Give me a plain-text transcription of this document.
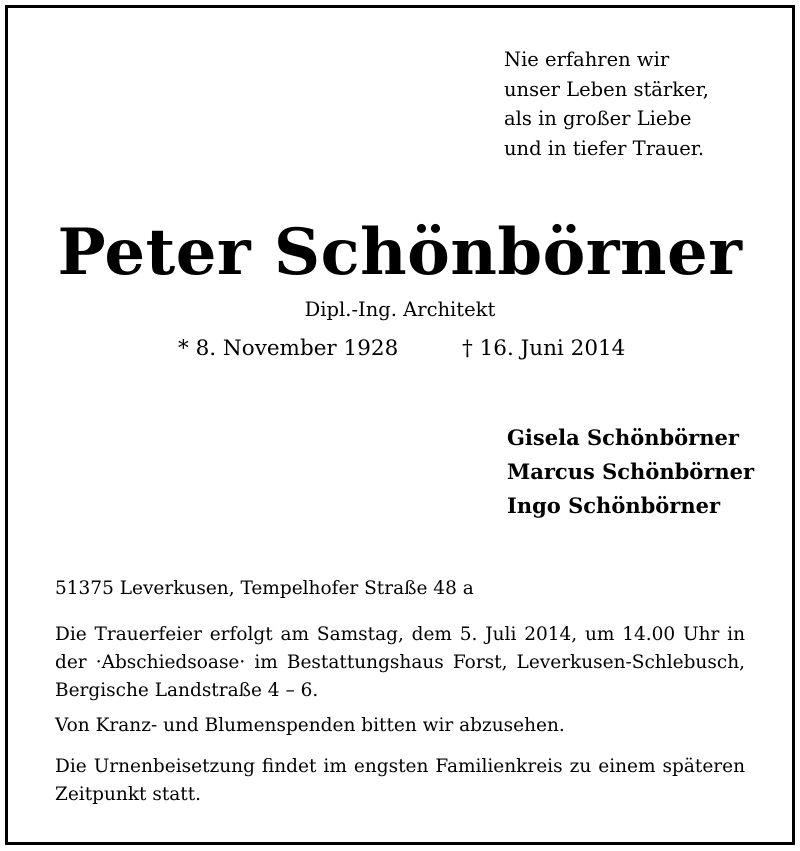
Nie erfahren wir
unser Leben stärker,
als in großer Liebe
und in tiefer Trauer.
Peter Schönbörner
Dipl.-Ing. Architekt
* 8. November 1928	† 16. Juni 2014
Gisela Schönbörner
Marcus Schönbörner
Ingo Schönbörner
51375 Leverkusen, Tempelhofer Straße 48 a
Die Trauerfeier erfolgt am Samstag, dem 5. Juli 2014, um 14.00 Uhr in der ·Abschiedsoase· im Bestattungshaus Forst, Leverkusen-Schlebusch, Bergische Landstraße 4 – 6.
Von Kranz- und Blumenspenden bitten wir abzusehen.
Die Urnenbeisetzung findet im engsten Familienkreis zu einem späteren Zeitpunkt statt.
